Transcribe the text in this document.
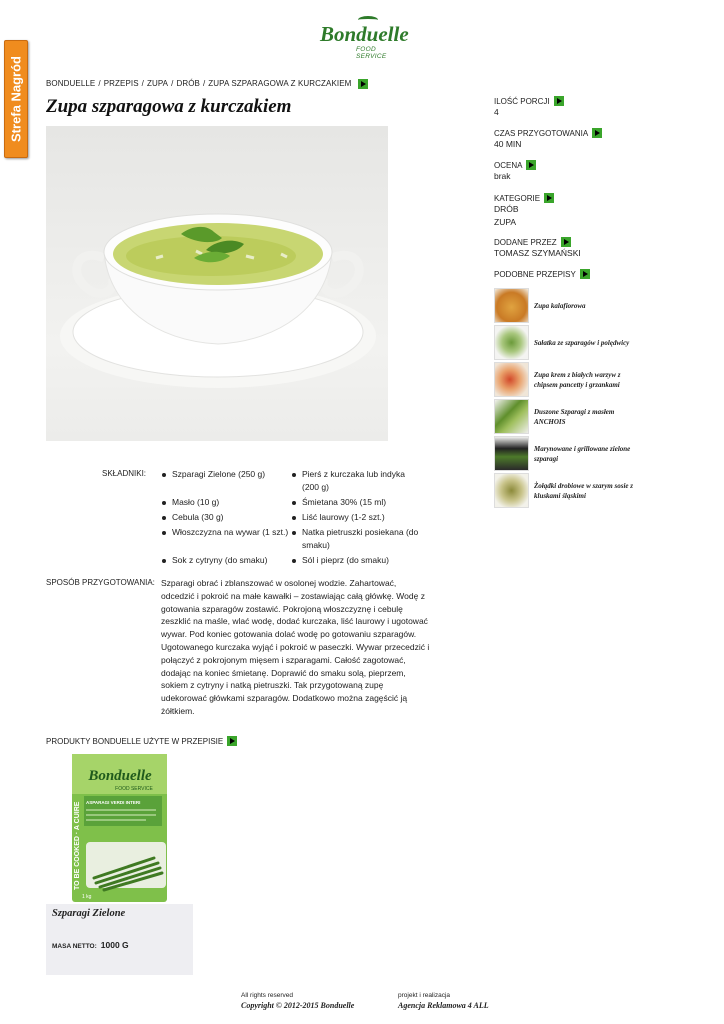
Strefa Nagród
Bonduelle
FOOD SERVICE
BONDUELLE / PRZEPIS / ZUPA / DRÓB / ZUPA SZPARAGOWA Z KURCZAKIEM
Zupa szparagowa z kurczakiem	ILOŚĆ PORCJI
4
CZAS PRZYGOTOWANIA
40 MIN
OCENA
brak
KATEGORIE
DRÓB
ZUPA
DODANE PRZEZ
TOMASZ SZYMAŃSKI
PODOBNE PRZEPISY
Zupa kalafiorowa
Sałatka ze szparagów i polędwicy
Zupa krem z białych warzyw z chipsem pancetty i grzankami
Duszone Szparagi z masłem ANCHOIS
Marynowane i grillowane zielone szparagi
Żołądki drobiowe w szarym sosie z kluskami śląskimi
SKŁADNIKI:	Szparagi Zielone (250 g)	Pierś z kurczaka lub indyka (200 g)
Masło (10 g)	Śmietana 30% (15 ml)
Cebula (30 g)	Liść laurowy (1-2 szt.)
Włoszczyzna na wywar (1 szt.)	Natka pietruszki posiekana (do smaku)
Sok z cytryny (do smaku)	Sól i pieprz (do smaku)
SPOSÓB PRZYGOTOWANIA: Szparagi obrać i zblanszować w osolonej wodzie. Zahartować, odcedzić i pokroić na małe kawałki – zostawiając całą główkę. Wodę z gotowania szparagów zostawić. Pokrojoną włoszczyznę i cebulę zeszklić na maśle, wlać wodę, dodać kurczaka, liść laurowy i ugotować wywar. Pod koniec gotowania dolać wodę po gotowaniu szparagów. Ugotowanego kurczaka wyjąć i pokroić w paseczki. Wywar przecedzić i połączyć z pokrojonym mięsem i szparagami. Całość zagotować, dodając na koniec śmietanę. Doprawić do smaku solą, pieprzem, sokiem z cytryny i natką pietruszki. Tak przygotowaną zupę udekorować główkami szparagów. Dodatkowo można zagęścić ją żółtkiem.
PRODUKTY BONDUELLE UŻYTE W PRZEPISIE
Bonduelle
FOOD SERVICE
ASPARAGI VERDI INTERI
TO BE COOKED · A CUIRE
1 kg
Szparagi Zielone
MASA NETTO: 1000 G
All rights reserved
Copyright © 2012-2015 Bonduelle
projekt i realizacja
Agencja Reklamowa 4 ALL
